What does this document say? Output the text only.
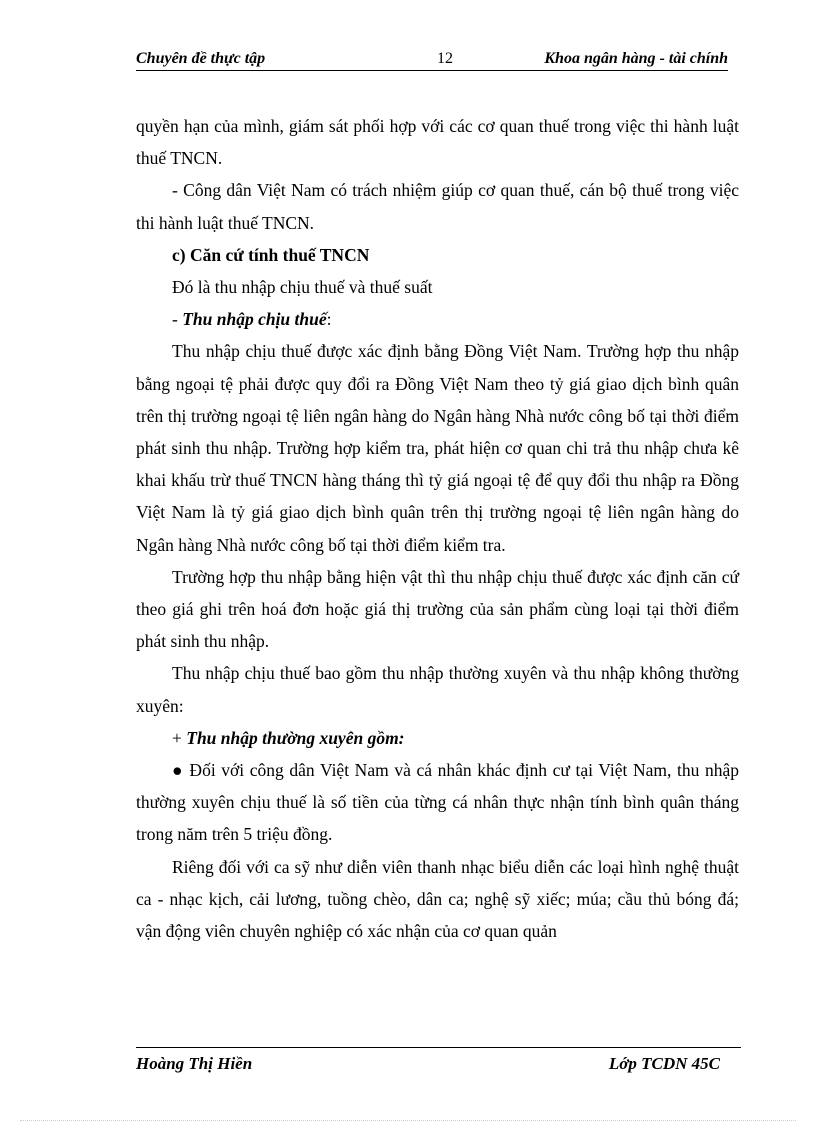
Chuyên đề thực tập	12	Khoa ngân hàng - tài chính

quyền hạn của mình, giám sát phối hợp với các cơ quan thuế trong việc thi hành luật thuế TNCN.

- Công dân Việt Nam có trách nhiệm giúp cơ quan thuế, cán bộ thuế trong việc thi hành luật thuế TNCN.

c) Căn cứ tính thuế TNCN

Đó là thu nhập chịu thuế và thuế suất

- Thu nhập chịu thuế:

Thu nhập chịu thuế được xác định bằng Đồng Việt Nam. Trường hợp thu nhập bằng ngoại tệ phải được quy đổi ra Đồng Việt Nam theo tỷ giá giao dịch bình quân trên thị trường ngoại tệ liên ngân hàng do Ngân hàng Nhà nước công bố tại thời điểm phát sinh thu nhập. Trường hợp kiểm tra, phát hiện cơ quan chi trả thu nhập chưa kê khai khấu trừ thuế TNCN hàng tháng thì tỷ giá ngoại tệ để quy đổi thu nhập ra Đồng Việt Nam là tỷ giá giao dịch bình quân trên thị trường ngoại tệ liên ngân hàng do Ngân hàng Nhà nước công bố tại thời điểm kiểm tra.

Trường hợp thu nhập bằng hiện vật thì thu nhập chịu thuế được xác định căn cứ theo giá ghi trên hoá đơn hoặc giá thị trường của sản phẩm cùng loại tại thời điểm phát sinh thu nhập.

Thu nhập chịu thuế bao gồm thu nhập thường xuyên và thu nhập không thường xuyên:

+ Thu nhập thường xuyên gồm:

● Đối với công dân Việt Nam và cá nhân khác định cư tại Việt Nam, thu nhập thường xuyên chịu thuế là số tiền của từng cá nhân thực nhận tính bình quân tháng trong năm trên 5 triệu đồng.

Riêng đối với ca sỹ như diễn viên thanh nhạc biểu diễn các loại hình nghệ thuật ca - nhạc kịch, cải lương, tuồng chèo, dân ca; nghệ sỹ xiếc; múa; cầu thủ bóng đá; vận động viên chuyên nghiệp có xác nhận của cơ quan quản

Hoàng Thị Hiền	Lớp TCDN 45C
